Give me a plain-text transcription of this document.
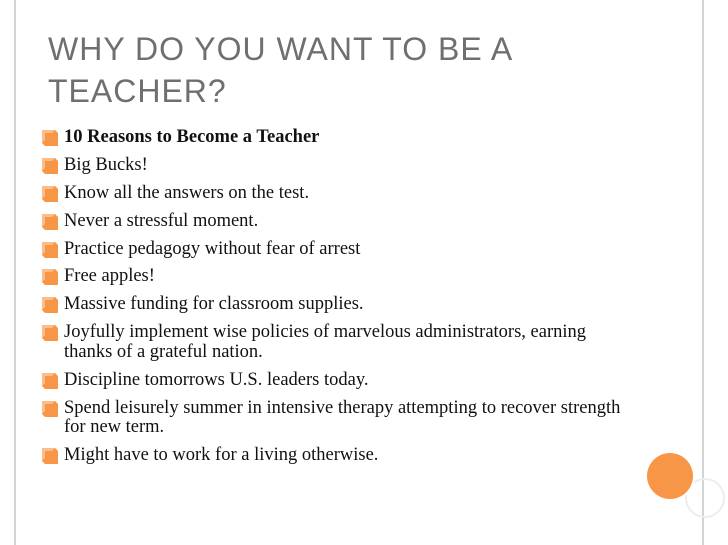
WHY DO YOU WANT TO BE A TEACHER?
10 Reasons to Become a Teacher
Big Bucks!
Know all the answers on the test.
Never a stressful moment.
Practice pedagogy without fear of arrest
Free apples!
Massive funding for classroom supplies.
Joyfully implement wise policies of marvelous administrators, earning thanks of a grateful nation.
Discipline tomorrows U.S. leaders today.
Spend leisurely summer in intensive therapy attempting to recover strength for new term.
Might have to work for a living otherwise.
